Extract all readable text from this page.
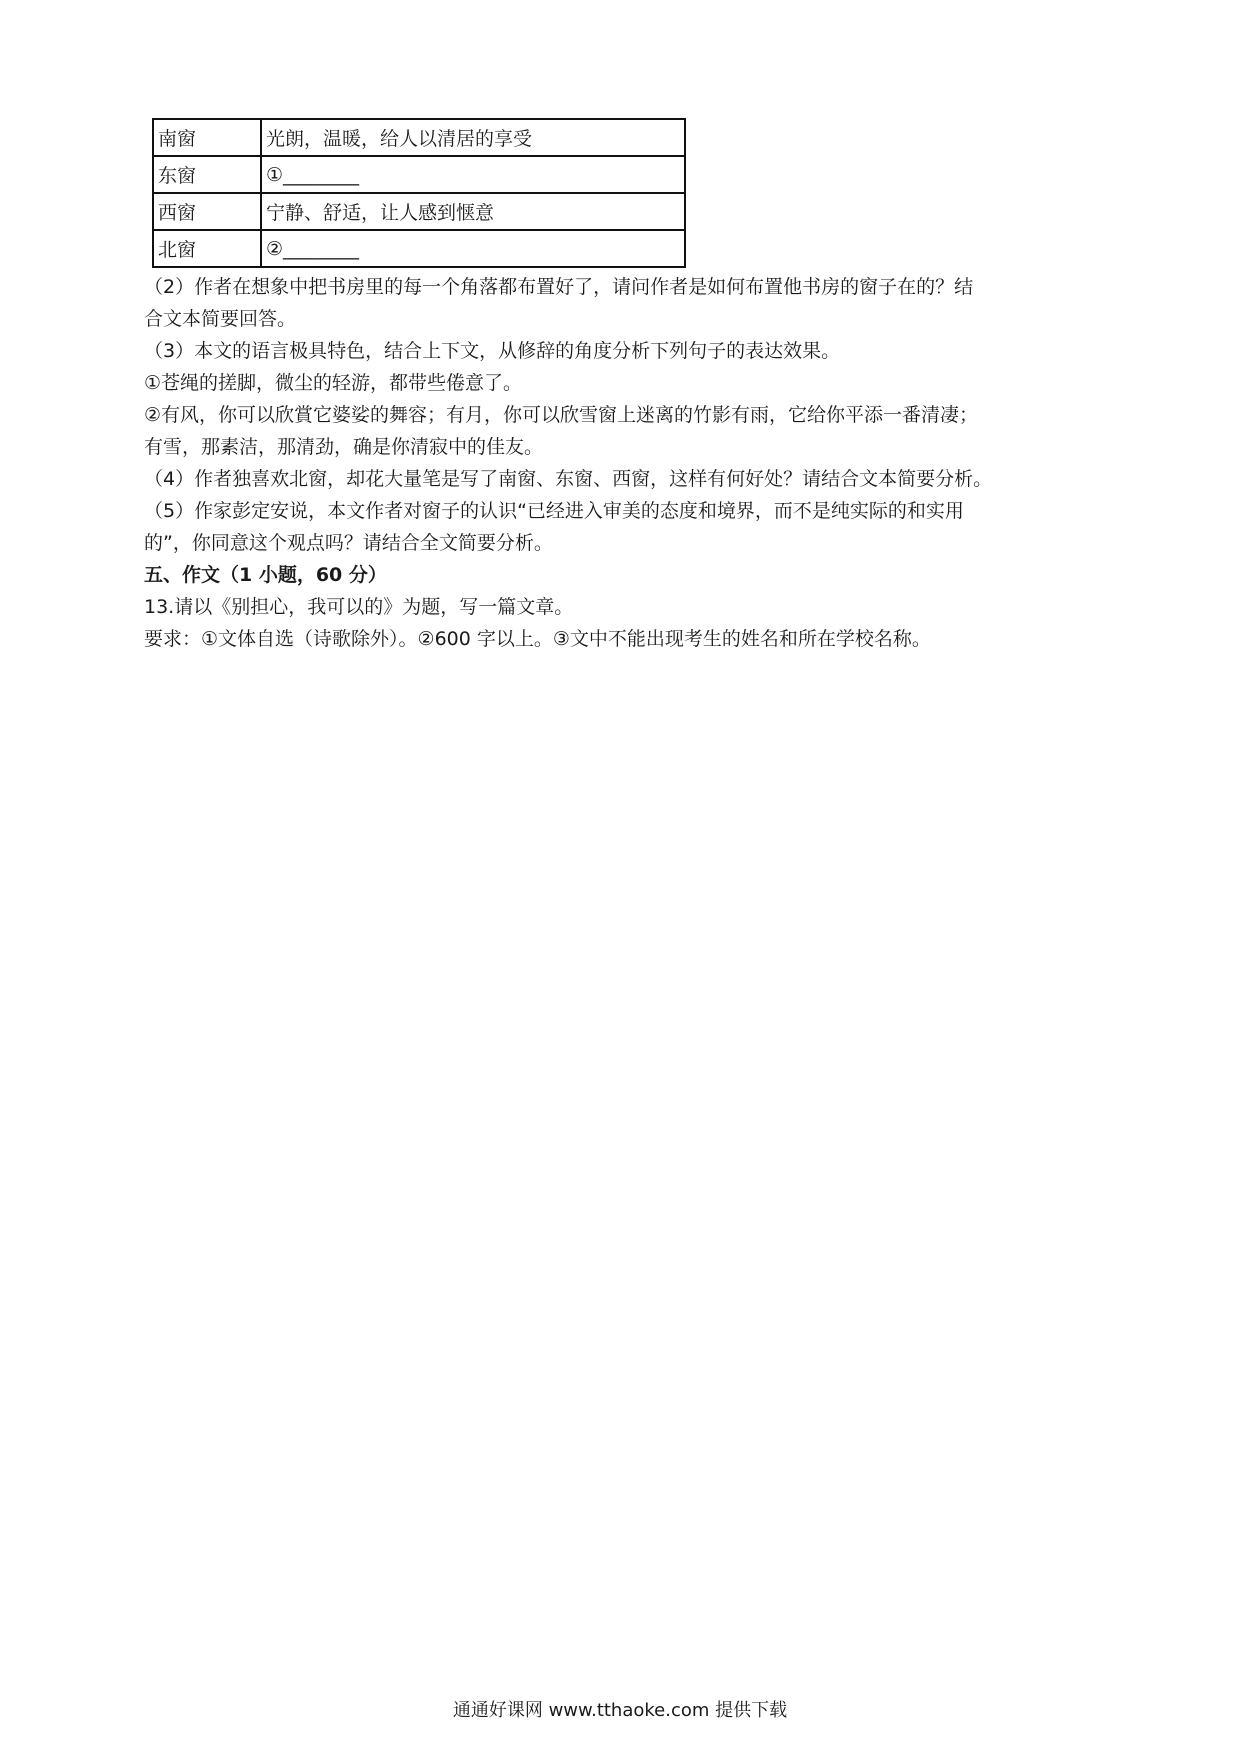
南窗	光朗，温暖，给人以清居的享受
东窗	①________
西窗	宁静、舒适，让人感到惬意
北窗	②________
（2）作者在想象中把书房里的每一个角落都布置好了，请问作者是如何布置他书房的窗子在的？结
合文本简要回答。
（3）本文的语言极具特色，结合上下文，从修辞的角度分析下列句子的表达效果。
①苍绳的搓脚，微尘的轻游，都带些倦意了。
②有风，你可以欣賞它婆娑的舞容；有月，你可以欣雪窗上迷离的竹影有雨，它给你平添一番清凄；
有雪，那素洁，那清劲，确是你清寂中的佳友。
（4）作者独喜欢北窗，却花大量笔是写了南窗、东窗、西窗，这样有何好处？请结合文本简要分析。
（5）作家彭定安说，本文作者对窗子的认识“已经进入审美的态度和境界，而不是纯实际的和实用
的”，你同意这个观点吗？请结合全文简要分析。
五、作文（1 小题，60 分）
13.请以《别担心，我可以的》为题，写一篇文章。
要求：①文体自选（诗歌除外）。②600 字以上。③文中不能出现考生的姓名和所在学校名称。
通通好课网 www.tthaoke.com 提供下载
